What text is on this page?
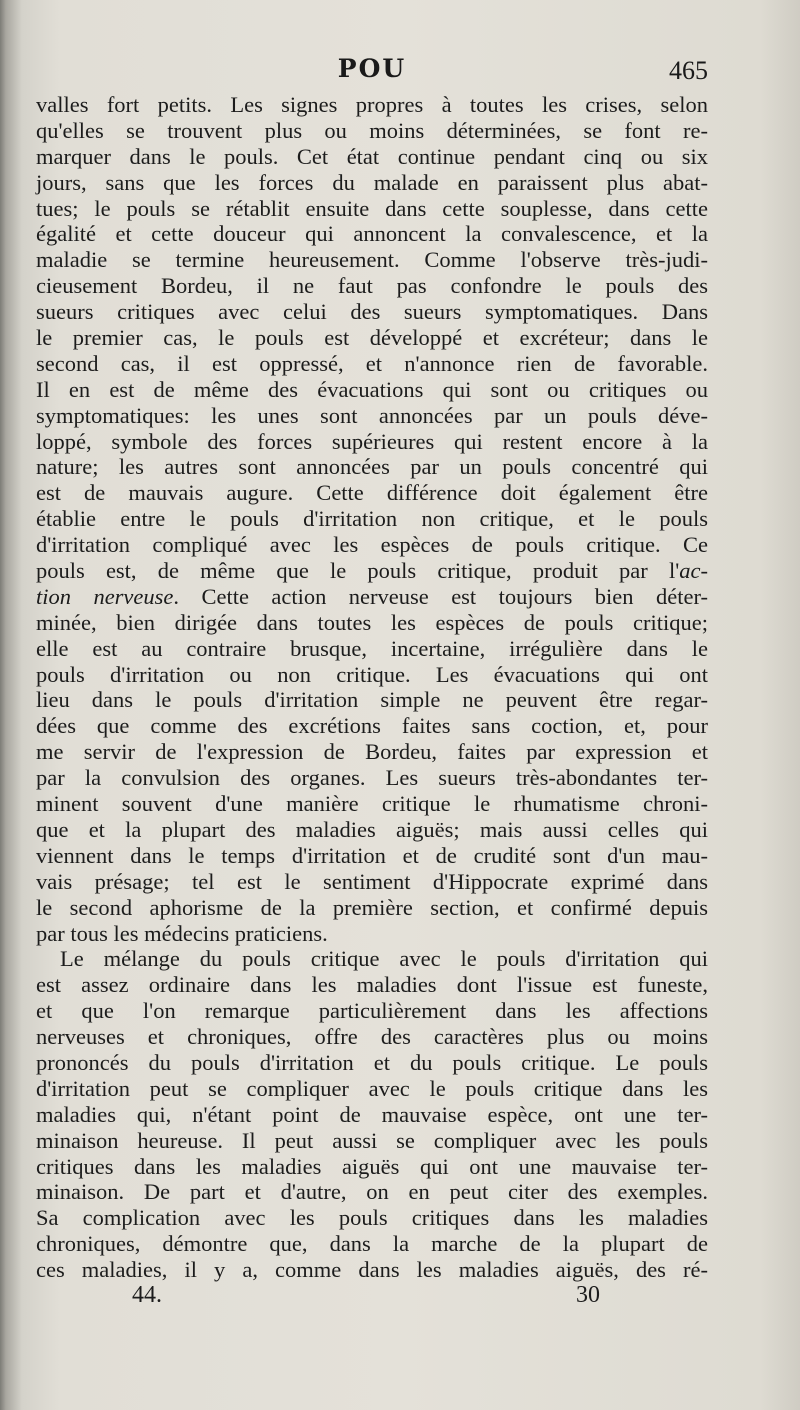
POU	465
valles fort petits. Les signes propres à toutes les crises, selon
qu'elles se trouvent plus ou moins déterminées, se font re-
marquer dans le pouls. Cet état continue pendant cinq ou six
jours, sans que les forces du malade en paraissent plus abat-
tues; le pouls se rétablit ensuite dans cette souplesse, dans cette
égalité et cette douceur qui annoncent la convalescence, et la
maladie se termine heureusement. Comme l'observe très-judi-
cieusement Bordeu, il ne faut pas confondre le pouls des
sueurs critiques avec celui des sueurs symptomatiques. Dans
le premier cas, le pouls est développé et excréteur; dans le
second cas, il est oppressé, et n'annonce rien de favorable.
Il en est de même des évacuations qui sont ou critiques ou
symptomatiques: les unes sont annoncées par un pouls déve-
loppé, symbole des forces supérieures qui restent encore à la
nature; les autres sont annoncées par un pouls concentré qui
est de mauvais augure. Cette différence doit également être
établie entre le pouls d'irritation non critique, et le pouls
d'irritation compliqué avec les espèces de pouls critique. Ce
pouls est, de même que le pouls critique, produit par l'ac-
tion nerveuse. Cette action nerveuse est toujours bien déter-
minée, bien dirigée dans toutes les espèces de pouls critique;
elle est au contraire brusque, incertaine, irrégulière dans le
pouls d'irritation ou non critique. Les évacuations qui ont
lieu dans le pouls d'irritation simple ne peuvent être regar-
dées que comme des excrétions faites sans coction, et, pour
me servir de l'expression de Bordeu, faites par expression et
par la convulsion des organes. Les sueurs très-abondantes ter-
minent souvent d'une manière critique le rhumatisme chroni-
que et la plupart des maladies aiguës; mais aussi celles qui
viennent dans le temps d'irritation et de crudité sont d'un mau-
vais présage; tel est le sentiment d'Hippocrate exprimé dans
le second aphorisme de la première section, et confirmé depuis
par tous les médecins praticiens.
Le mélange du pouls critique avec le pouls d'irritation qui
est assez ordinaire dans les maladies dont l'issue est funeste,
et que l'on remarque particulièrement dans les affections
nerveuses et chroniques, offre des caractères plus ou moins
prononcés du pouls d'irritation et du pouls critique. Le pouls
d'irritation peut se compliquer avec le pouls critique dans les
maladies qui, n'étant point de mauvaise espèce, ont une ter-
minaison heureuse. Il peut aussi se compliquer avec les pouls
critiques dans les maladies aiguës qui ont une mauvaise ter-
minaison. De part et d'autre, on en peut citer des exemples.
Sa complication avec les pouls critiques dans les maladies
chroniques, démontre que, dans la marche de la plupart de
ces maladies, il y a, comme dans les maladies aiguës, des ré-
44.	30
